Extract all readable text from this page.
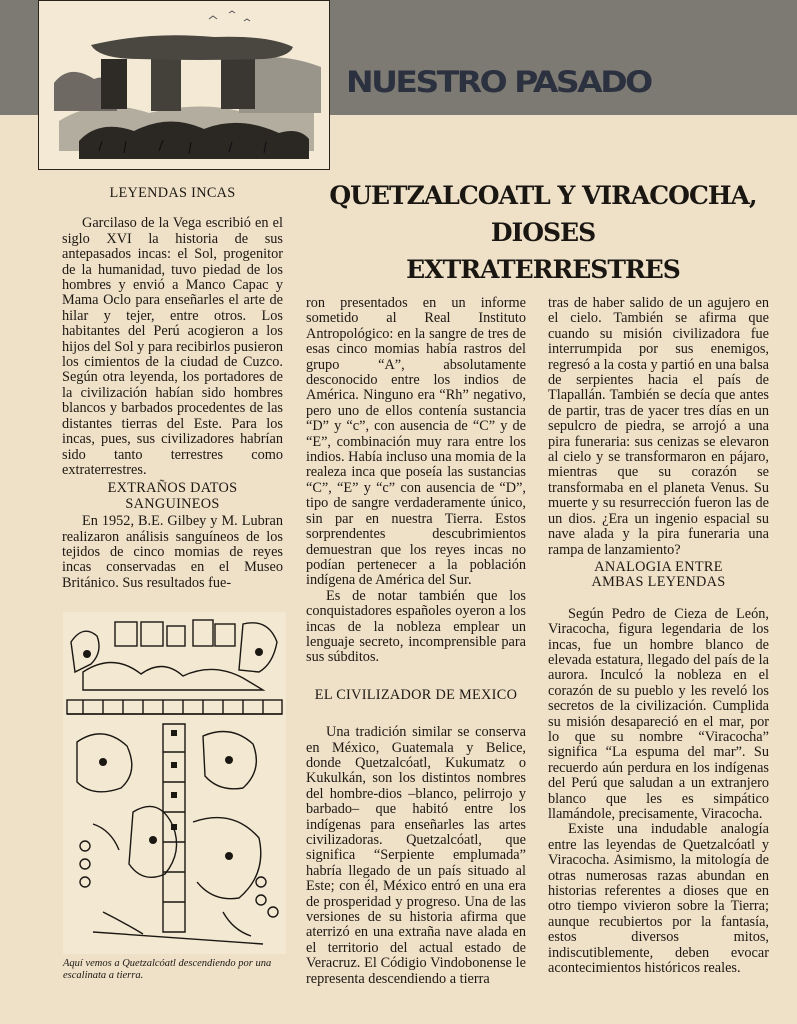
NUESTRO PASADO
QUETZALCOATL Y VIRACOCHA,
DIOSES
EXTRATERRESTRES
LEYENDAS INCAS

Garcilaso de la Vega escribió en el siglo XVI la historia de sus antepasados incas: el Sol, progenitor de la humanidad, tuvo piedad de los hombres y envió a Manco Capac y Mama Oclo para enseñarles el arte de hilar y tejer, entre otros. Los habitantes del Perú acogieron a los hijos del Sol y para recibirlos pusieron los cimientos de la ciudad de Cuzco. Según otra leyenda, los portadores de la civilización habían sido hombres blancos y barbados procedentes de las distantes tierras del Este. Para los incas, pues, sus civilizadores habrían sido tanto terrestres como extraterrestres.

EXTRAÑOS DATOS SANGUINEOS

En 1952, B.E. Gilbey y M. Lubran realizaron análisis sanguíneos de los tejidos de cinco momias de reyes incas conservadas en el Museo Británico. Sus resultados fue-

Aquí vemos a Quetzalcóatl descendiendo por una escalinata a tierra.

ron presentados en un informe sometido al Real Instituto Antropológico: en la sangre de tres de esas cinco momias había rastros del grupo “A”, absolutamente desconocido entre los indios de América. Ninguno era “Rh” negativo, pero uno de ellos contenía sustancia “D” y “c”, con ausencia de “C” y de “E”, combinación muy rara entre los indios. Había incluso una momia de la realeza inca que poseía las sustancias “C”, “E” y “c” con ausencia de “D”, tipo de sangre verdaderamente único, sin par en nuestra Tierra. Estos sorprendentes descubrimientos demuestran que los reyes incas no podían pertenecer a la población indígena de América del Sur.

Es de notar también que los conquistadores españoles oyeron a los incas de la nobleza emplear un lenguaje secreto, incomprensible para sus súbditos.

EL CIVILIZADOR DE MEXICO

Una tradición similar se conserva en México, Guatemala y Belice, donde Quetzalcóatl, Kukumatz o Kukulkán, son los distintos nombres del hombre-dios –blanco, pelirrojo y barbado– que habitó entre los indígenas para enseñarles las artes civilizadoras. Quetzalcóatl, que significa “Serpiente emplumada” habría llegado de un país situado al Este; con él, México entró en una era de prosperidad y progreso. Una de las versiones de su historia afirma que aterrizó en una extraña nave alada en el territorio del actual estado de Veracruz. El Códigio Vindobonense le representa descendiendo a tierra

tras de haber salido de un agujero en el cielo. También se afirma que cuando su misión civilizadora fue interrumpida por sus enemigos, regresó a la costa y partió en una balsa de serpientes hacia el país de Tlapallán. También se decía que antes de partir, tras de yacer tres días en un sepulcro de piedra, se arrojó a una pira funeraria: sus cenizas se elevaron al cielo y se transformaron en pájaro, mientras que su corazón se transformaba en el planeta Venus. Su muerte y su resurrección fueron las de un dios. ¿Era un ingenio espacial su nave alada y la pira funeraria una rampa de lanzamiento?

ANALOGIA ENTRE AMBAS LEYENDAS

Según Pedro de Cieza de León, Viracocha, figura legendaria de los incas, fue un hombre blanco de elevada estatura, llegado del país de la aurora. Inculcó la nobleza en el corazón de su pueblo y les reveló los secretos de la civilización. Cumplida su misión desapareció en el mar, por lo que su nombre “Viracocha” significa “La espuma del mar”. Su recuerdo aún perdura en los indígenas del Perú que saludan a un extranjero blanco que les es simpático llamándole, precisamente, Viracocha.

Existe una indudable analogía entre las leyendas de Quetzalcóatl y Viracocha. Asimismo, la mitología de otras numerosas razas abundan en historias referentes a dioses que en otro tiempo vivieron sobre la Tierra; aunque recubiertos por la fantasía, estos diversos mitos, indiscutiblemente, deben evocar acontecimientos históricos reales.
